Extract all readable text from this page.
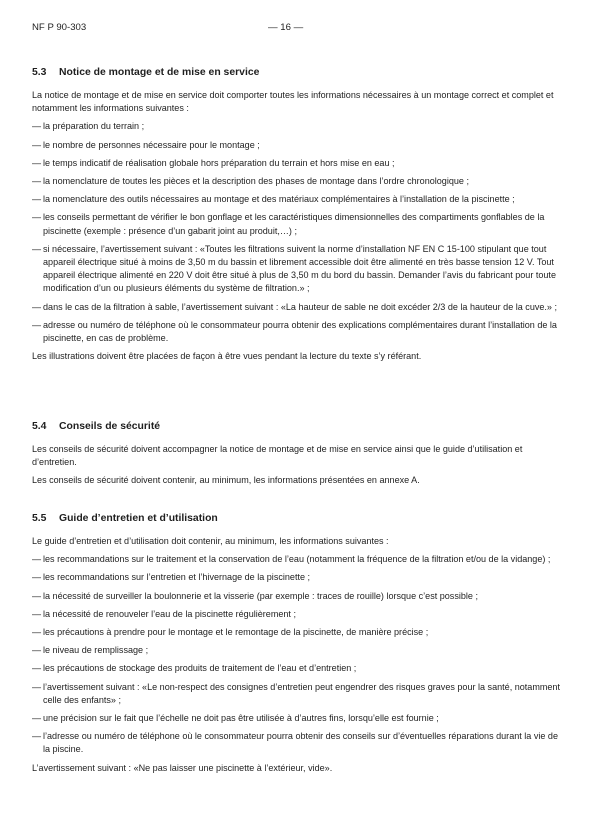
NF P 90-303	— 16 —
5.3 Notice de montage et de mise en service

La notice de montage et de mise en service doit comporter toutes les informations nécessaires à un montage correct et complet et notamment les informations suivantes :

— la préparation du terrain ;
— le nombre de personnes nécessaire pour le montage ;
— le temps indicatif de réalisation globale hors préparation du terrain et hors mise en eau ;
— la nomenclature de toutes les pièces et la description des phases de montage dans l’ordre chronologique ;
— la nomenclature des outils nécessaires au montage et des matériaux complémentaires à l’installation de la piscinette ;
— les conseils permettant de vérifier le bon gonflage et les caractéristiques dimensionnelles des compartiments gonflables de la piscinette (exemple : présence d’un gabarit joint au produit,…) ;
— si nécessaire, l’avertissement suivant : «Toutes les filtrations suivent la norme d’installation NF EN C 15-100 stipulant que tout appareil électrique situé à moins de 3,50 m du bassin et librement accessible doit être alimenté en très basse tension 12 V. Tout appareil électrique alimenté en 220 V doit être situé à plus de 3,50 m du bord du bassin. Demander l’avis du fabricant pour toute modification d’un ou plusieurs éléments du système de filtration.» ;
— dans le cas de la filtration à sable, l’avertissement suivant : «La hauteur de sable ne doit excéder 2/3 de la hauteur de la cuve.» ;
— adresse ou numéro de téléphone où le consommateur pourra obtenir des explications complémentaires durant l’installation de la piscinette, en cas de problème.

Les illustrations doivent être placées de façon à être vues pendant la lecture du texte s’y référant.

5.4 Conseils de sécurité

Les conseils de sécurité doivent accompagner la notice de montage et de mise en service ainsi que le guide d’utilisation et d’entretien.

Les conseils de sécurité doivent contenir, au minimum, les informations présentées en annexe A.

5.5 Guide d’entretien et d’utilisation

Le guide d’entretien et d’utilisation doit contenir, au minimum, les informations suivantes :

— les recommandations sur le traitement et la conservation de l’eau (notamment la fréquence de la filtration et/ou de la vidange) ;
— les recommandations sur l’entretien et l’hivernage de la piscinette ;
— la nécessité de surveiller la boulonnerie et la visserie (par exemple : traces de rouille) lorsque c’est possible ;
— la nécessité de renouveler l’eau de la piscinette régulièrement ;
— les précautions à prendre pour le montage et le remontage de la piscinette, de manière précise ;
— le niveau de remplissage ;
— les précautions de stockage des produits de traitement de l’eau et d’entretien ;
— l’avertissement suivant : «Le non-respect des consignes d’entretien peut engendrer des risques graves pour la santé, notamment celle des enfants» ;
— une précision sur le fait que l’échelle ne doit pas être utilisée à d’autres fins, lorsqu’elle est fournie ;
— l’adresse ou numéro de téléphone où le consommateur pourra obtenir des conseils sur d’éventuelles réparations durant la vie de la piscine.

L’avertissement suivant : «Ne pas laisser une piscinette à l’extérieur, vide».
